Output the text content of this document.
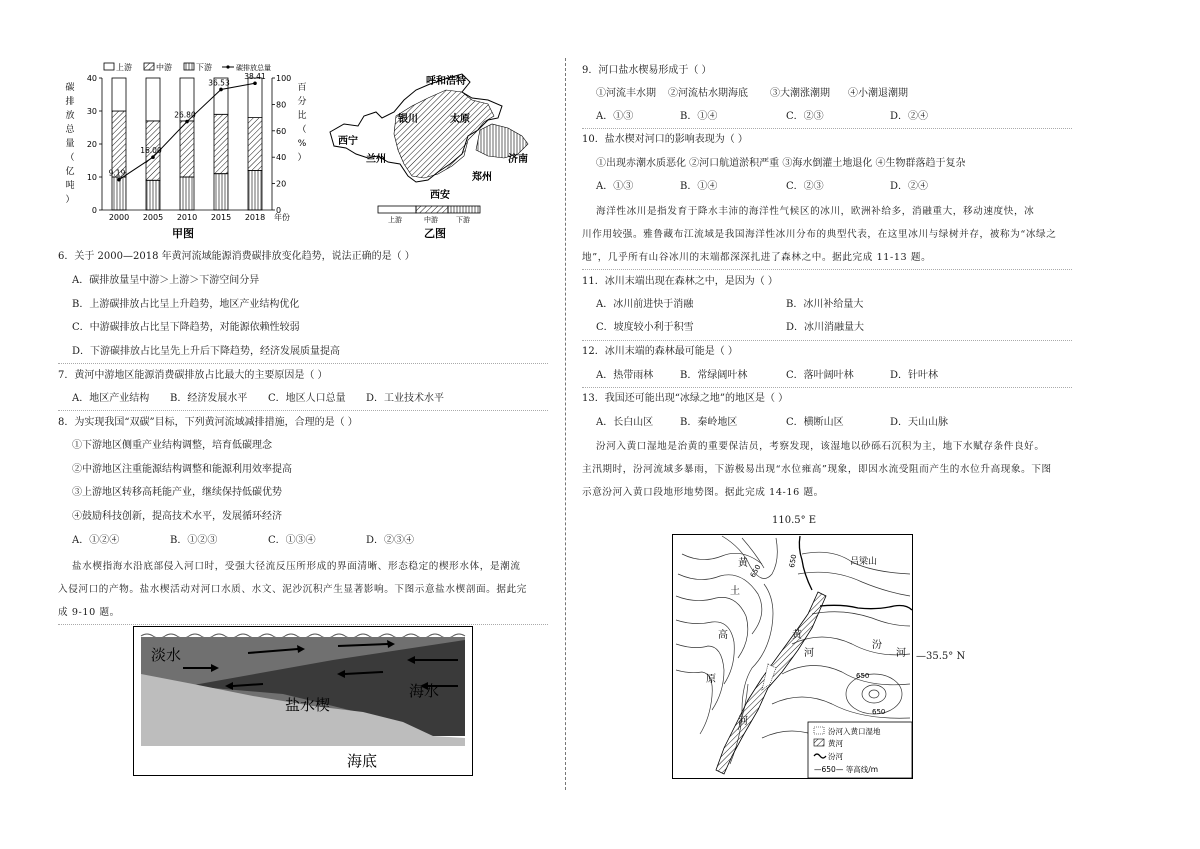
碳
排
放
总
量
（
亿
吨
）
百
分
比
（
%
）
上游	中游	下游	碳排放总量
0
10
20
30
40
0
20
40
60
80
100
2000 2005 2010 2015 2018
9.19
16.00
26.80
36.53
38.41
年份
甲图
呼和浩特
银川	太原
西宁
兰州	济南
郑州
西安
上游	中游	下游
乙图
6．关于 2000—2018 年黄河流域能源消费碳排放变化趋势，说法正确的是（ ）
A．碳排放量呈中游＞上游＞下游空间分异
B．上游碳排放占比呈上升趋势，地区产业结构优化
C．中游碳排放占比呈下降趋势，对能源依赖性较弱
D．下游碳排放占比呈先上升后下降趋势，经济发展质量提高
7．黄河中游地区能源消费碳排放占比最大的主要原因是（ ）
A．地区产业结构 B．经济发展水平 C．地区人口总量 D．工业技术水平
8．为实现我国“双碳”目标，下列黄河流域减排措施，合理的是（ ）
①下游地区侧重产业结构调整，培育低碳理念
②中游地区注重能源结构调整和能源利用效率提高
③上游地区转移高耗能产业，继续保持低碳优势
④鼓励科技创新，提高技术水平，发展循环经济
A．①②④	B．①②③	C．①③④	D．②③④
盐水楔指海水沿底部侵入河口时，受强大径流反压所形成的界面清晰、形态稳定的楔形水体，是潮流
入侵河口的产物。盐水楔活动对河口水质、水文、泥沙沉积产生显著影响。下图示意盐水楔剖面。据此完
成 9-10 题。
淡水
海水
盐水楔
海底
9．河口盐水楔易形成于（ ）
①河流丰水期 ②河流枯水期海底 ③大潮涨潮期 ④小潮退潮期
A．①③	B．①④	C．②③	D．②④
10．盐水楔对河口的影响表现为（ ）
①出现赤潮水质恶化 ②河口航道淤积严重 ③海水倒灌土地退化 ④生物群落趋于复杂
A．①③	B．①④	C．②③	D．②④
海洋性冰川是指发育于降水丰沛的海洋性气候区的冰川，欧洲补给多，消融重大，移动速度快，冰
川作用较强。雅鲁藏布江流域是我国海洋性冰川分布的典型代表，在这里冰川与绿树并存，被称为“冰绿之
地”，几乎所有山谷冰川的末端都深深扎进了森林之中。据此完成 11-13 题。
11．冰川末端出现在森林之中，是因为（ ）
A．冰川前进快于消融	B．冰川补给量大
C．坡度较小利于积雪	D．冰川消融量大
12．冰川末端的森林最可能是（ ）
A．热带雨林	B．常绿阔叶林	C．落叶阔叶林	D．针叶林
13．我国还可能出现“冰绿之地”的地区是（ ）
A．长白山区	B．秦岭地区	C．横断山区	D．天山山脉
汾河入黄口湿地是治黄的重要保洁员，考察发现，该湿地以砂砾石沉积为主，地下水赋存条件良好。
主汛期时，汾河流域多暴雨，下游极易出现“水位雍高”现象，即因水流受阻而产生的水位升高现象。下图
示意汾河入黄口段地形地势图。据此完成 14-16 题。
110.5° E
黄
土
高
原
吕梁山
汾
河
黄
河
河
650
650
650
650
汾河入黄口湿地
黄河
汾河
—650— 等高线/m
—35.5° N
